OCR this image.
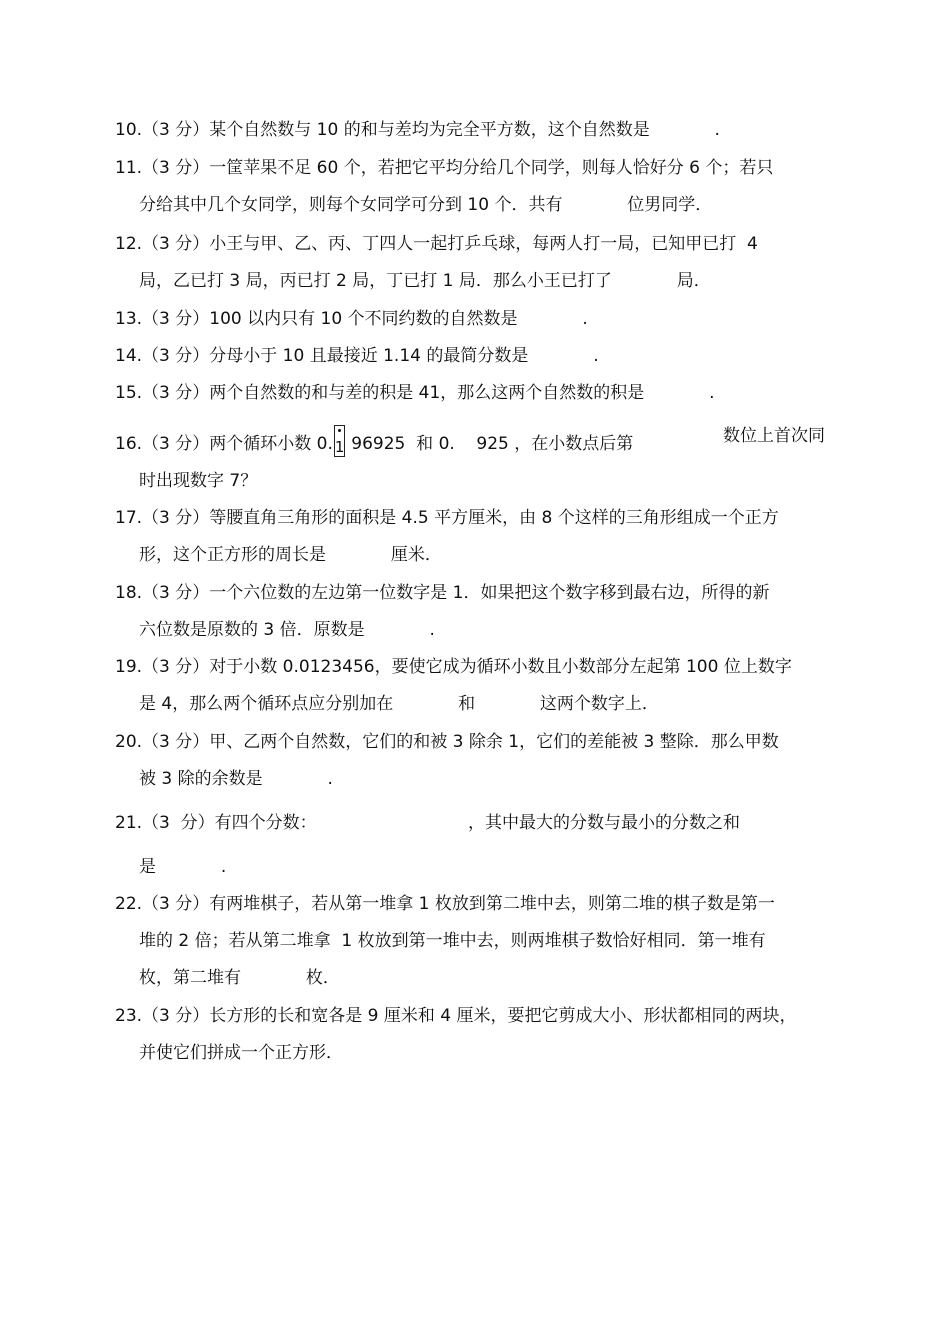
10.（3 分）某个自然数与 10 的和与差均为完全平方数，这个自然数是            .
11.（3 分）一筐苹果不足 60 个，若把它平均分给几个同学，则每人恰好分 6 个；若只
分给其中几个女同学，则每个女同学可分到 10 个．共有            位男同学．
12.（3 分）小王与甲、乙、丙、丁四人一起打乒乓球，每两人打一局，已知甲已打  4
局，乙已打 3 局，丙已打 2 局，丁已打 1 局．那么小王已打了            局．
13.（3 分）100 以内只有 10 个不同约数的自然数是            .
14.（3 分）分母小于 10 且最接近 1.14 的最简分数是            .
15.（3 分）两个自然数的和与差的积是 41，那么这两个自然数的积是            .
16.（3 分）两个循环小数 0. 1 96925  和 0.    925 ，在小数点后第	数位上首次同
时出现数字 7？
17.（3 分）等腰直角三角形的面积是 4.5 平方厘米，由 8 个这样的三角形组成一个正方
形，这个正方形的周长是            厘米．
18.（3 分）一个六位数的左边第一位数字是 1．如果把这个数字移到最右边，所得的新
六位数是原数的 3 倍．原数是            .
19.（3 分）对于小数 0.0123456，要使它成为循环小数且小数部分左起第 100 位上数字
是 4，那么两个循环点应分别加在            和            这两个数字上．
20.（3 分）甲、乙两个自然数，它们的和被 3 除余 1，它们的差能被 3 整除．那么甲数
被 3 除的余数是            .
21.（3  分）有四个分数：                            ，其中最大的分数与最小的分数之和
是            .
22.（3 分）有两堆棋子，若从第一堆拿 1 枚放到第二堆中去，则第二堆的棋子数是第一
堆的 2 倍；若从第二堆拿  1 枚放到第一堆中去，则两堆棋子数恰好相同．第一堆有
枚，第二堆有            枚．
23.（3 分）长方形的长和宽各是 9 厘米和 4 厘米，要把它剪成大小、形状都相同的两块，
并使它们拼成一个正方形．
